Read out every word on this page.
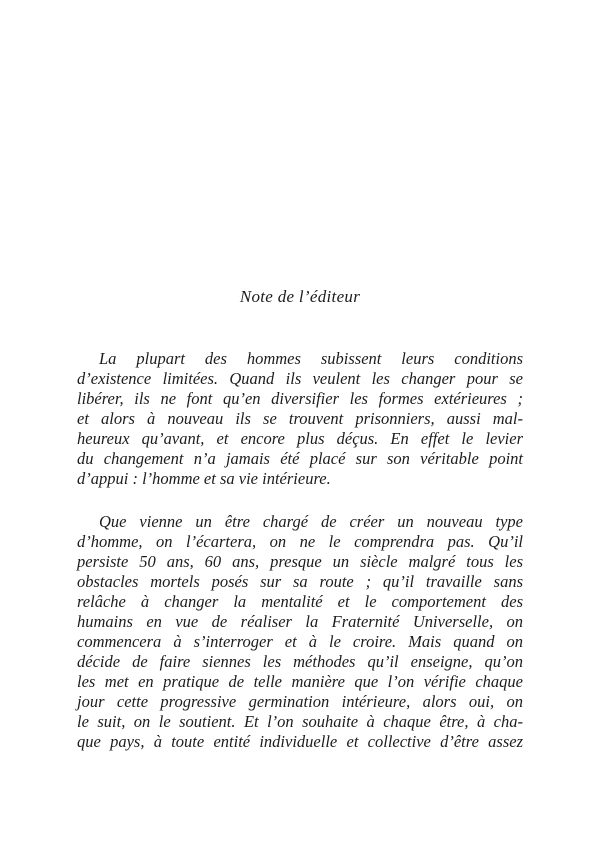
Note de l’éditeur
La plupart des hommes subissent leurs conditions
d’existence limitées. Quand ils veulent les changer pour se
libérer, ils ne font qu’en diversifier les formes extérieures ;
et alors à nouveau ils se trouvent prisonniers, aussi mal-
heureux qu’avant, et encore plus déçus. En effet le levier
du changement n’a jamais été placé sur son véritable point
d’appui : l’homme et sa vie intérieure.
Que vienne un être chargé de créer un nouveau type
d’homme, on l’écartera, on ne le comprendra pas. Qu’il
persiste 50 ans, 60 ans, presque un siècle malgré tous les
obstacles mortels posés sur sa route ; qu’il travaille sans
relâche à changer la mentalité et le comportement des
humains en vue de réaliser la Fraternité Universelle, on
commencera à s’interroger et à le croire. Mais quand on
décide de faire siennes les méthodes qu’il enseigne, qu’on
les met en pratique de telle manière que l’on vérifie chaque
jour cette progressive germination intérieure, alors oui, on
le suit, on le soutient. Et l’on souhaite à chaque être, à cha-
que pays, à toute entité individuelle et collective d’être assez
